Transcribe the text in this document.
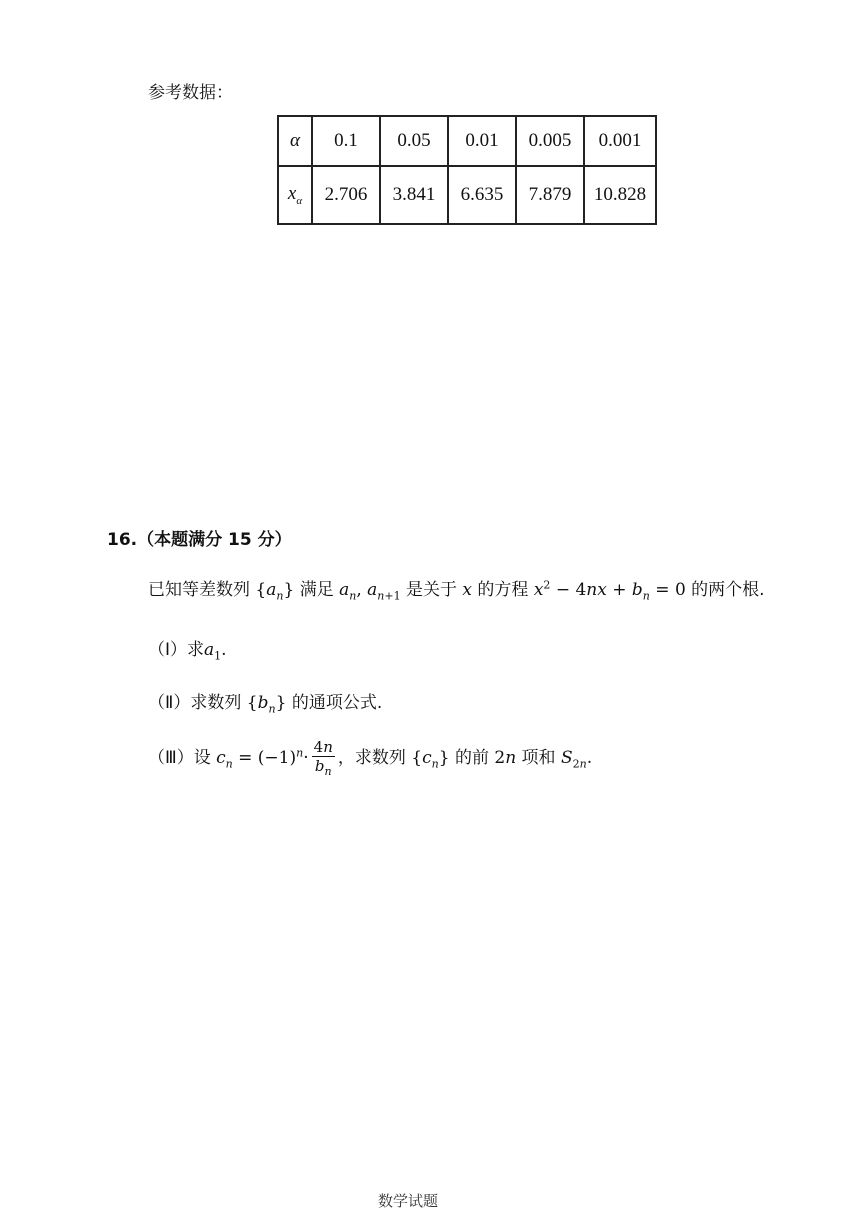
参考数据：
α	0.1	0.05	0.01	0.005	0.001
$x_\alpha$	2.706	3.841	6.635	7.879	10.828
16.（本题满分 15 分）
已知等差数列 $\{a_n\}$ 满足 $a_n$, $a_{n+1}$ 是关于 x 的方程 $x^2 - 4nx + b_n = 0$ 的两个根.
（Ⅰ）求$a_1$.
（Ⅱ）求数列 $\{b_n\}$ 的通项公式.
（Ⅲ）设 $c_n = (-1)^n\cdot \frac{4n}{b_n}$ ，求数列 $\{c_n\}$ 的前 2n 项和 $S_{2n}$.
数学试题
